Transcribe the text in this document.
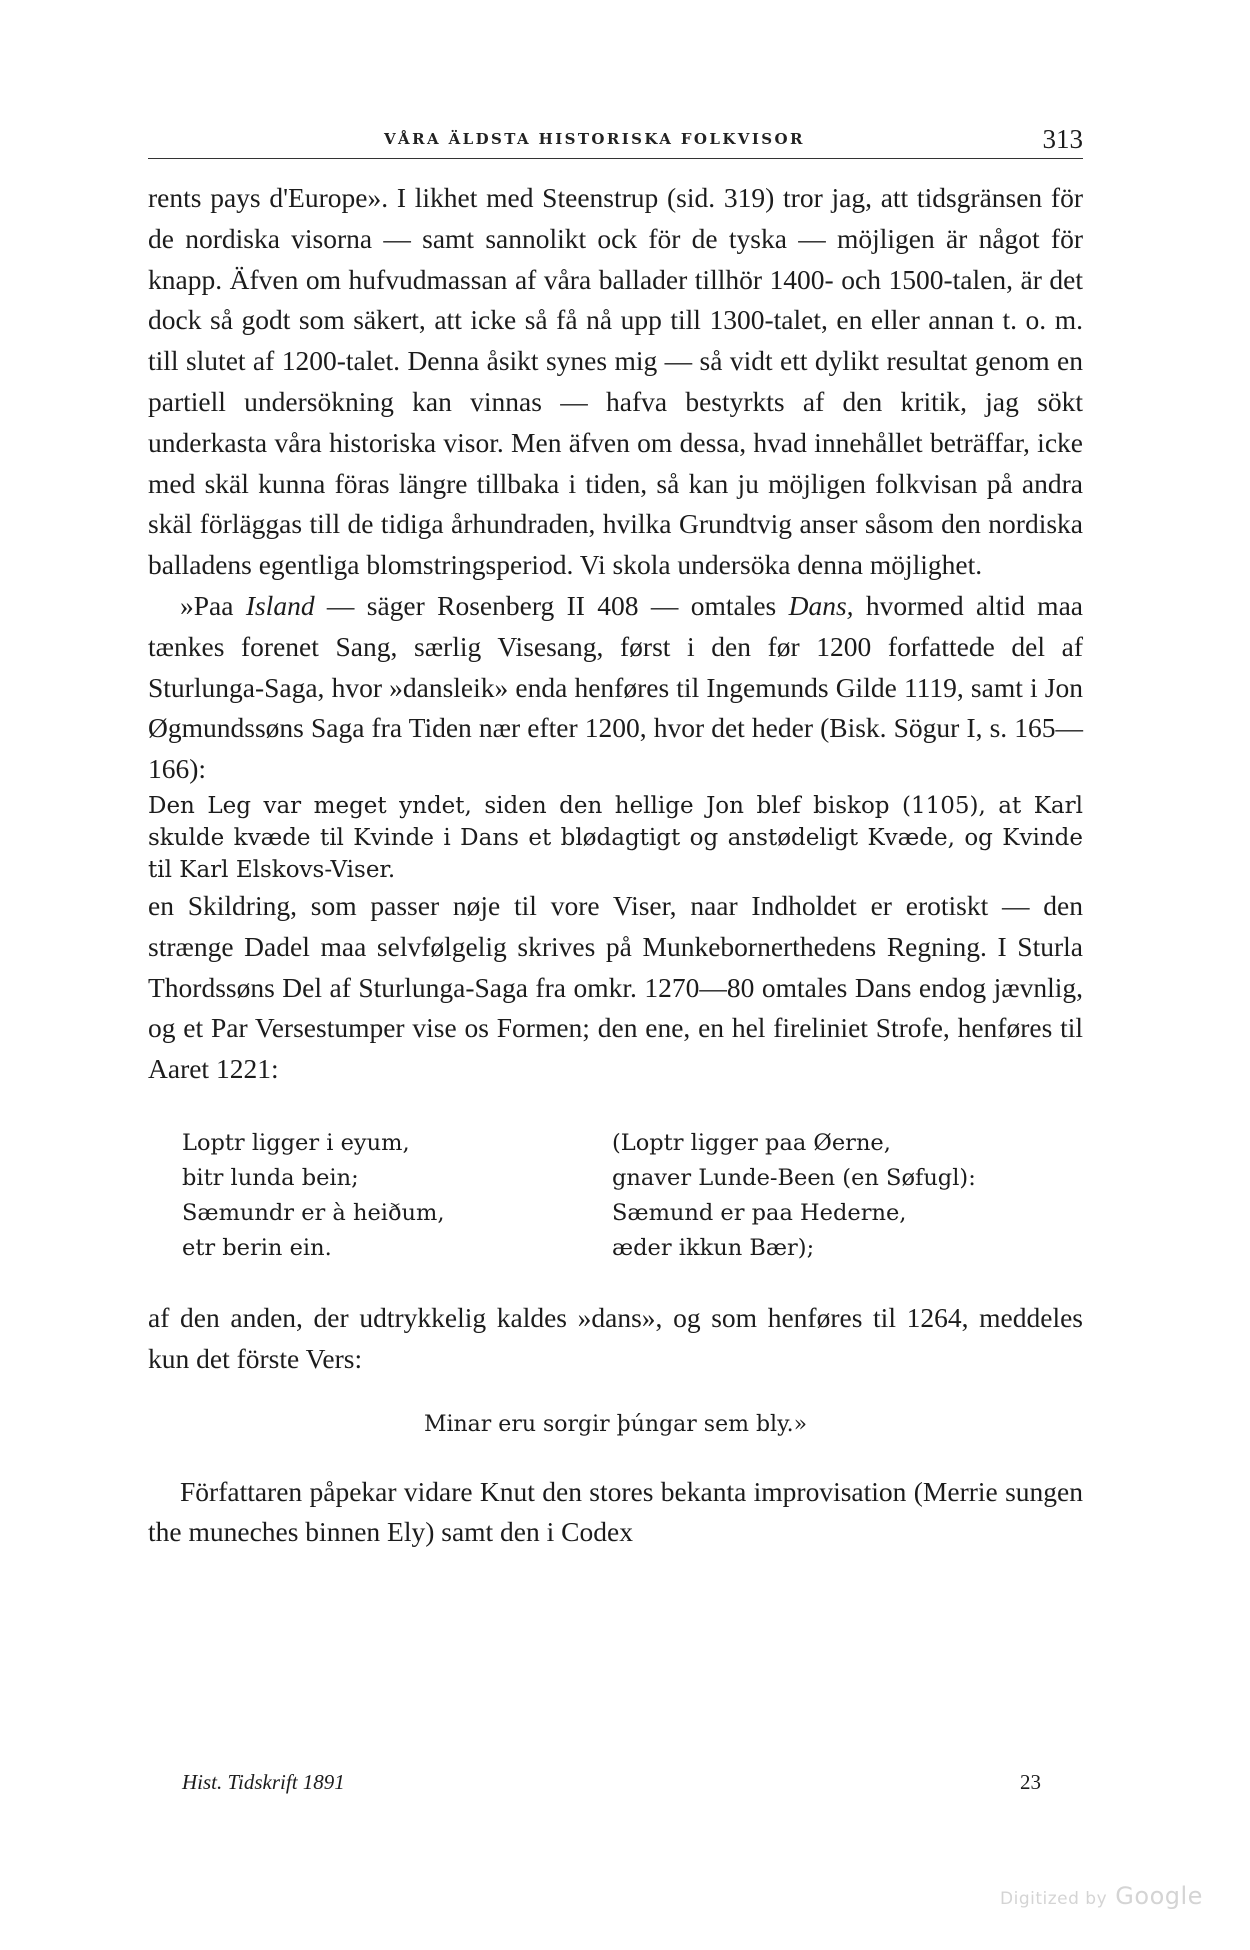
VÅRA ÄLDSTA HISTORISKA FOLKVISOR	313

rents pays d'Europe». I likhet med Steenstrup (sid. 319) tror jag, att tidsgränsen för de nordiska visorna — samt sannolikt ock för de tyska — möjligen är något för knapp. Äfven om hufvudmassan af våra ballader tillhör 1400- och 1500-talen, är det dock så godt som säkert, att icke så få nå upp till 1300-talet, en eller annan t. o. m. till slutet af 1200-talet. Denna åsikt synes mig — så vidt ett dylikt resultat genom en partiell undersökning kan vinnas — hafva bestyrkts af den kritik, jag sökt underkasta våra historiska visor. Men äfven om dessa, hvad innehållet beträffar, icke med skäl kunna föras längre tillbaka i tiden, så kan ju möjligen folkvisan på andra skäl förläggas till de tidiga århundraden, hvilka Grundtvig anser såsom den nordiska balladens egentliga blomstringsperiod. Vi skola undersöka denna möjlighet.

»Paa Island — säger Rosenberg II 408 — omtales Dans, hvormed altid maa tænkes forenet Sang, særlig Visesang, først i den før 1200 forfattede del af Sturlunga-Saga, hvor »dansleik» enda henføres til Ingemunds Gilde 1119, samt i Jon Øgmundssøns Saga fra Tiden nær efter 1200, hvor det heder (Bisk. Sögur I, s. 165—166):

Den Leg var meget yndet, siden den hellige Jon blef biskop (1105), at Karl skulde kvæde til Kvinde i Dans et blødagtigt og anstødeligt Kvæde, og Kvinde til Karl Elskovs-Viser.

en Skildring, som passer nøje til vore Viser, naar Indholdet er erotiskt — den strænge Dadel maa selvfølgelig skrives på Munkebornerthedens Regning. I Sturla Thordssøns Del af Sturlunga-Saga fra omkr. 1270—80 omtales Dans endog jævnlig, og et Par Versestumper vise os Formen; den ene, en hel fireliniet Strofe, henføres til Aaret 1221:

Loptr ligger i eyum,
bitr lunda bein;
Sæmundr er à heiðum,
etr berin ein.
(Loptr ligger paa Øerne,
gnaver Lunde-Been (en Søfugl):
Sæmund er paa Hederne,
æder ikkun Bær);

af den anden, der udtrykkelig kaldes »dans», og som henføres til 1264, meddeles kun det förste Vers:

Minar eru sorgir þúngar sem bly.»

Författaren påpekar vidare Knut den stores bekanta improvisation (Merrie sungen the muneches binnen Ely) samt den i Codex

Hist. Tidskrift 1891	23
Digitized by Google
